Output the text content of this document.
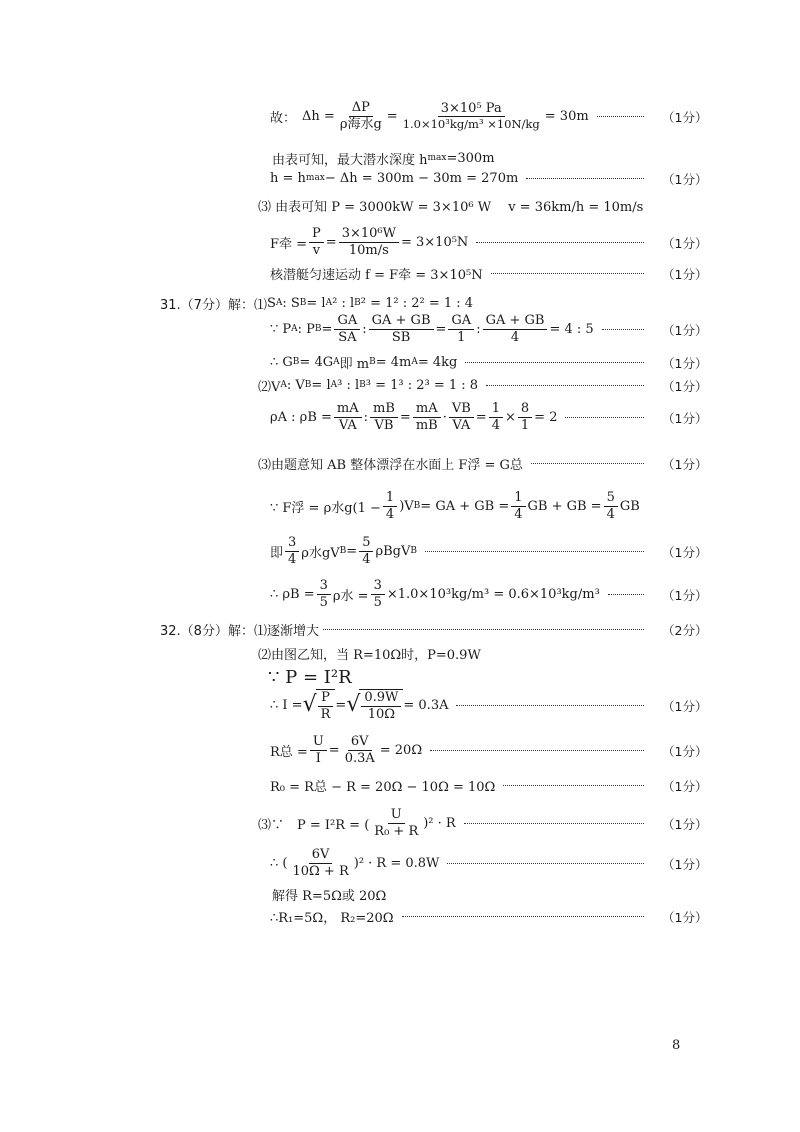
故： $\Delta h = \frac{\Delta P}{\text{ρ海水g}} = \frac{\text{3×10⁵ Pa}}{\text{1.0×10³kg/m³ ×10N/kg}} = 30m$	（1分）
由表可知，最大潜水深度 h max =300m
h = h max − Δh = 300m − 30m = 270m	（1分）
⑶ 由表可知 P = 3000kW = 3×10⁶ W　 v = 36km/h = 10m/s
F牵 = $\frac{P}{v} = \frac{\text{3×10⁶W}}{10m/s} = 3\times 10^5N$	（1分）
核潜艇匀速运动 f = F牵 = 3×10⁵N	（1分）
31.（7分）解：⑴ S A : S B = l A ² : l B ² = 1² : 2² = 1 : 4
∵ P A : P $B = \frac{GA}{SA}$ : $\frac{GA + GB}{SB} = \frac{GA}{1}$ : $\frac{GA + GB}{4} = 4$ : 5	（1分）
∴ G B = 4G A 即 m B = 4m A = 4kg	（1分）
⑵V A : V B = l A ³ : l B ³ = 1³ : 2³ = 1 : 8	（1分）
ρA : $\rho B = \frac{mA}{VA}$ : $\frac{mB}{VB} = \frac{mA}{mB} \cdot \frac{VB}{VA} = \frac{1}{4} \times \frac{8}{1} = 2$	（1分）
⑶由题意知 AB 整体漂浮在水面上 F浮 = G总	（1分）
∵ F浮 = ρ水$g(1 - \frac{1}{4} )V$ B = GA + GB = $\frac{1}{4}$ GB + GB = $\frac{5}{4}$ GB
即 $\frac{3}{4}$ ρ水gV $B = \frac{5}{4}$ ρBgV B	（1分）
∴ $\rho B = \frac{3}{5}$ ρ水 = $\frac{3}{5} \times 1.0\times 10^3kg/m^3 = 0.6\times 10^3kg/m^3$	（1分）
32.（8分）解：⑴逐渐增大	（2分）
⑵由图乙知，当 R=10Ω时，P=0.9W
∵ P = I²R
∴ I = √ $\frac{P}{R}$ = √ $\frac{0.9W}{10\Omega} = 0.3A$	（1分）
R总 = $\frac{U}{I} = \frac{6V}{0.3A} = 20\Omega$	（1分）
R₀ = R总 − R = 20Ω − 10Ω = 10Ω	（1分）
⑶∵　P = I²R = ( $\frac{U}{\text{R₀ + R}} )^2 \cdot R$	（1分）
∴ ( $\frac{6V}{10\Omega + R} )^2 \cdot R = 0.8W$	（1分）
解得 R=5Ω或 20Ω
∴R₁=5Ω， R₂=20Ω	（1分）
8
